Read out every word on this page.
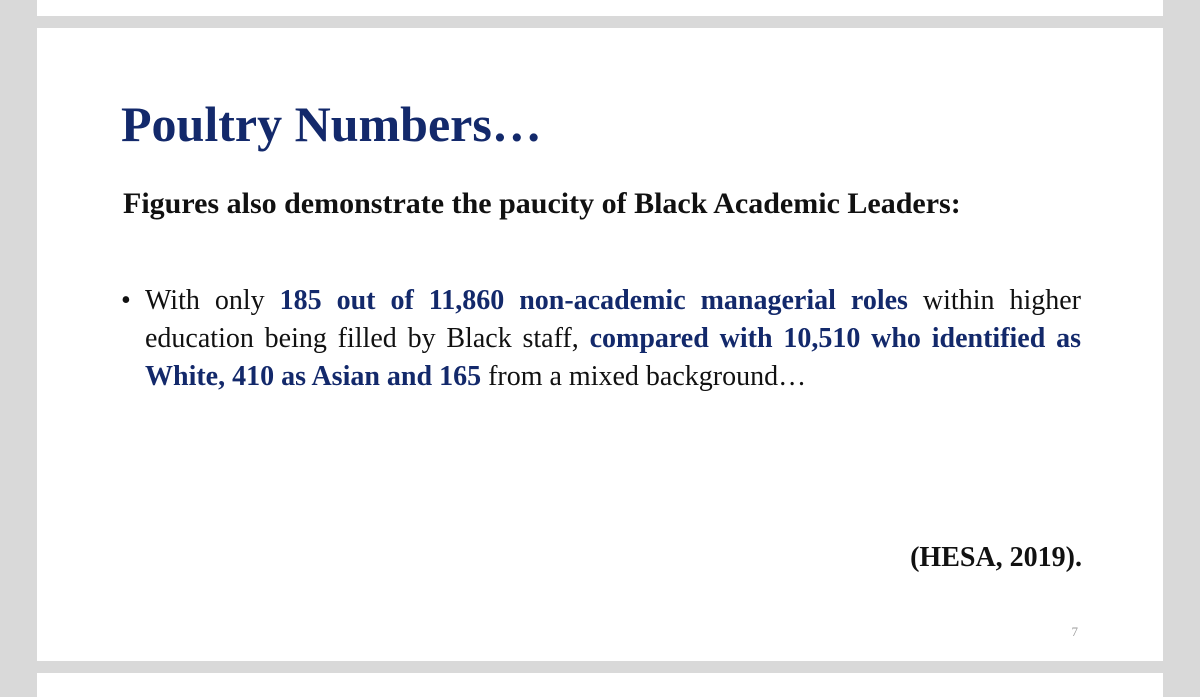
Poultry Numbers…

Figures also demonstrate the paucity of Black Academic Leaders:

• With only 185 out of 11,860 non-academic managerial roles within higher education being filled by Black staff, compared with 10,510 who identified as White, 410 as Asian and 165 from a mixed background…

(HESA, 2019).
7
